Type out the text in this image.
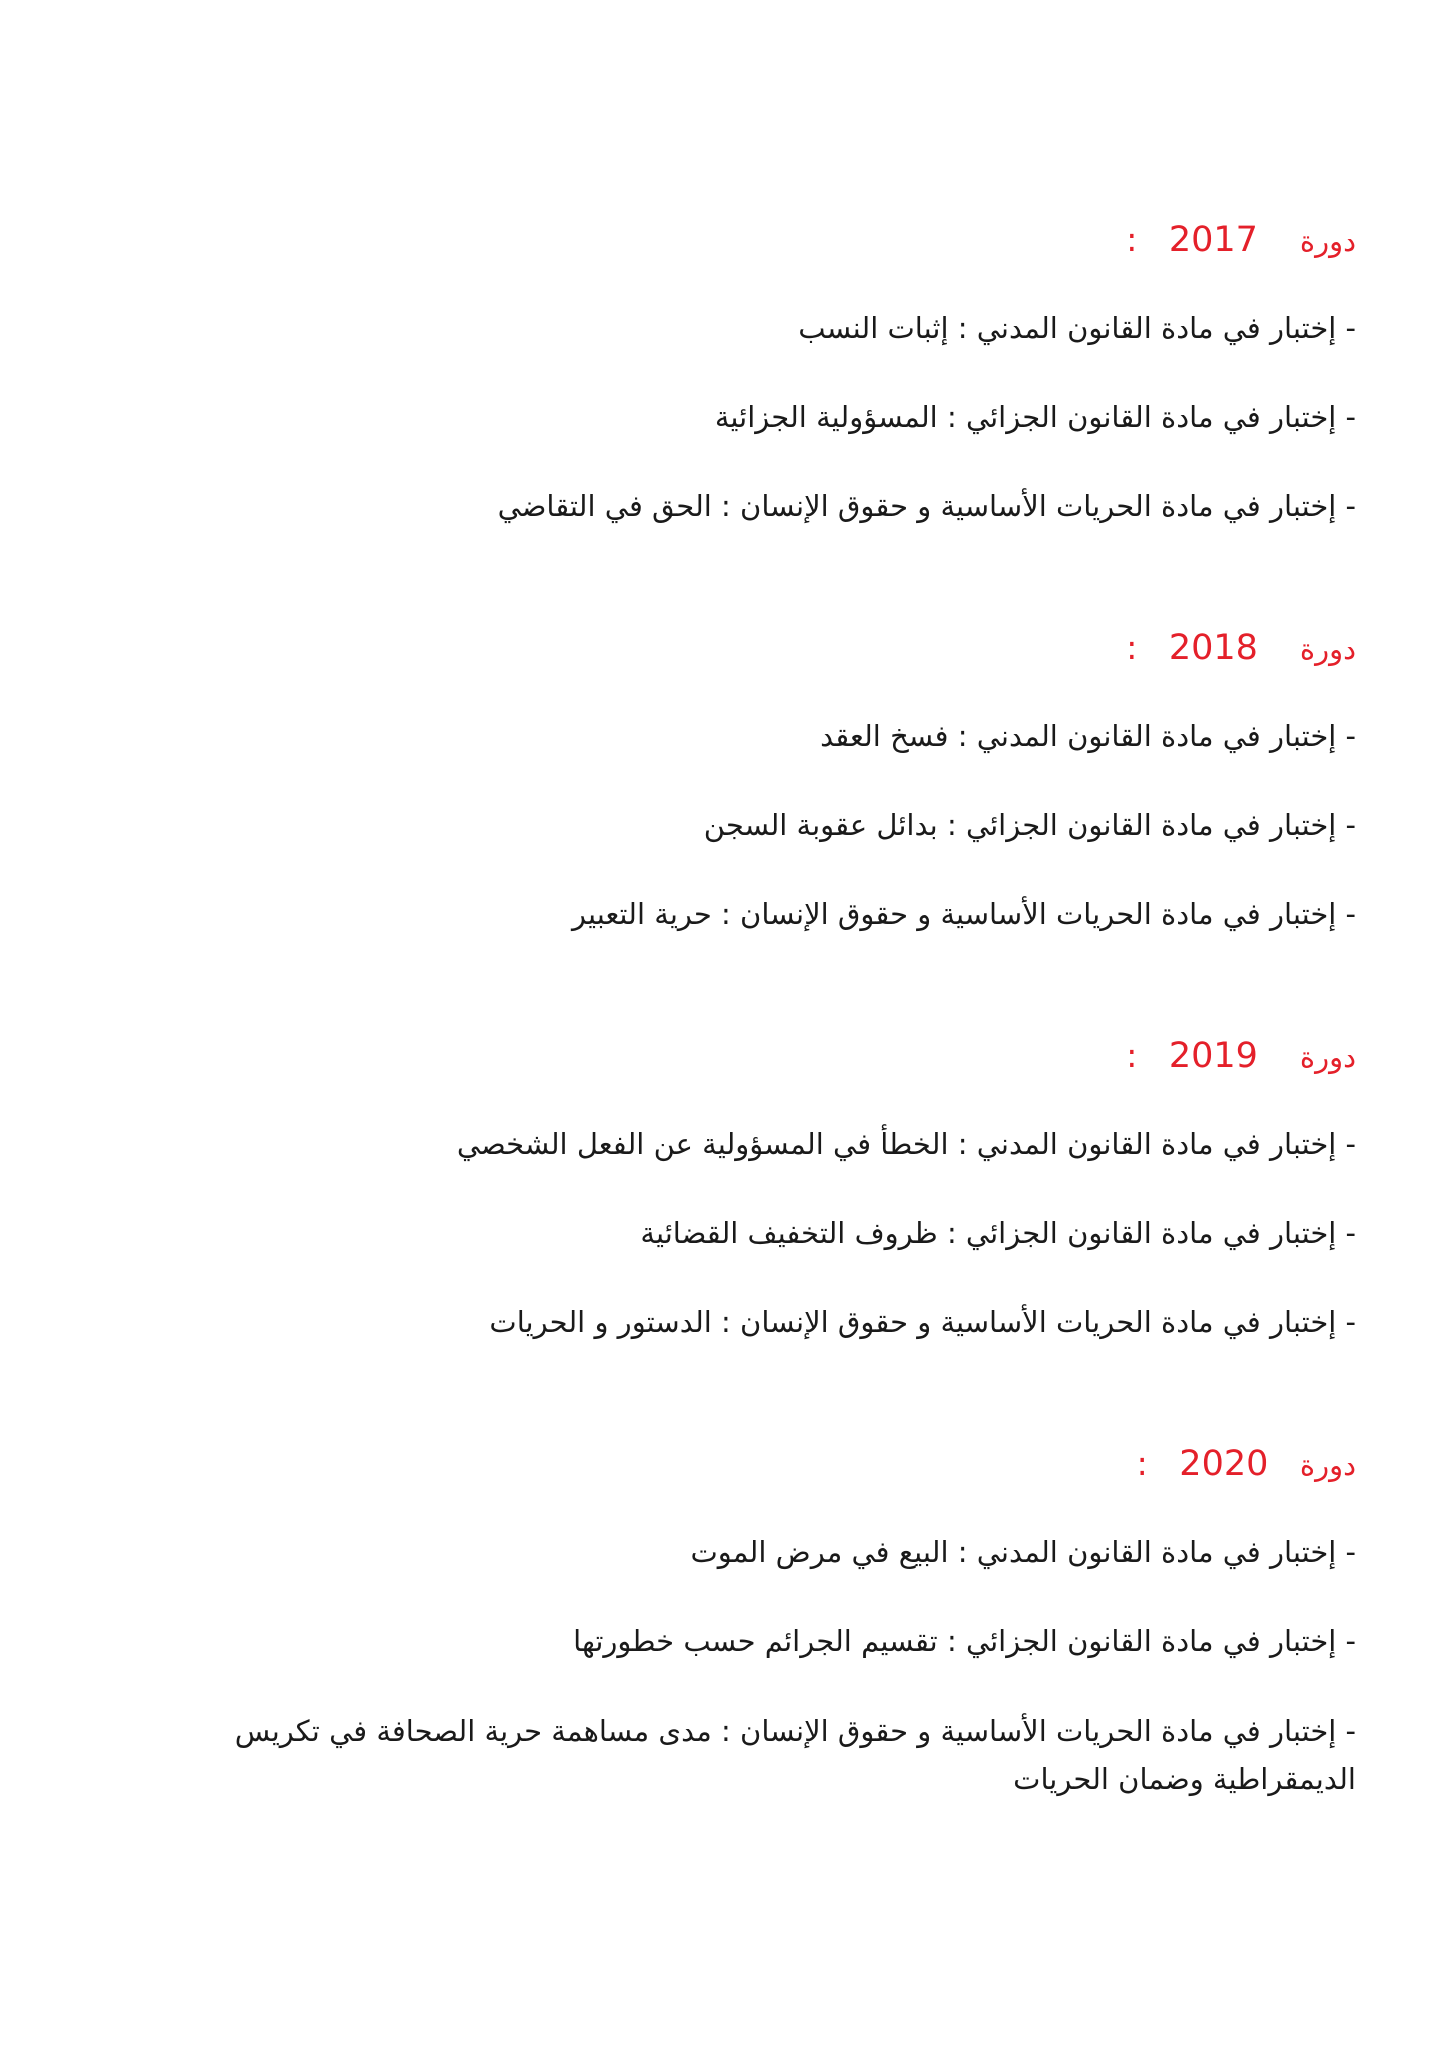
دورة    2017   :
- إختبار في مادة القانون المدني : إثبات النسب
- إختبار في مادة القانون الجزائي : المسؤولية الجزائية
- إختبار في مادة الحريات الأساسية و حقوق الإنسان : الحق في التقاضي
دورة    2018   :
- إختبار في مادة القانون المدني : فسخ العقد
- إختبار في مادة القانون الجزائي : بدائل عقوبة السجن
- إختبار في مادة الحريات الأساسية و حقوق الإنسان : حرية التعبير
دورة    2019   :
- إختبار في مادة القانون المدني : الخطأ في المسؤولية عن الفعل الشخصي
- إختبار في مادة القانون الجزائي : ظروف التخفيف القضائية
- إختبار في مادة الحريات الأساسية و حقوق الإنسان : الدستور و الحريات
دورة   2020   :
- إختبار في مادة القانون المدني : البيع في مرض الموت
- إختبار في مادة القانون الجزائي : تقسيم الجرائم حسب خطورتها
- إختبار في مادة الحريات الأساسية و حقوق الإنسان : مدى مساهمة حرية الصحافة في تكريس الديمقراطية وضمان الحريات
